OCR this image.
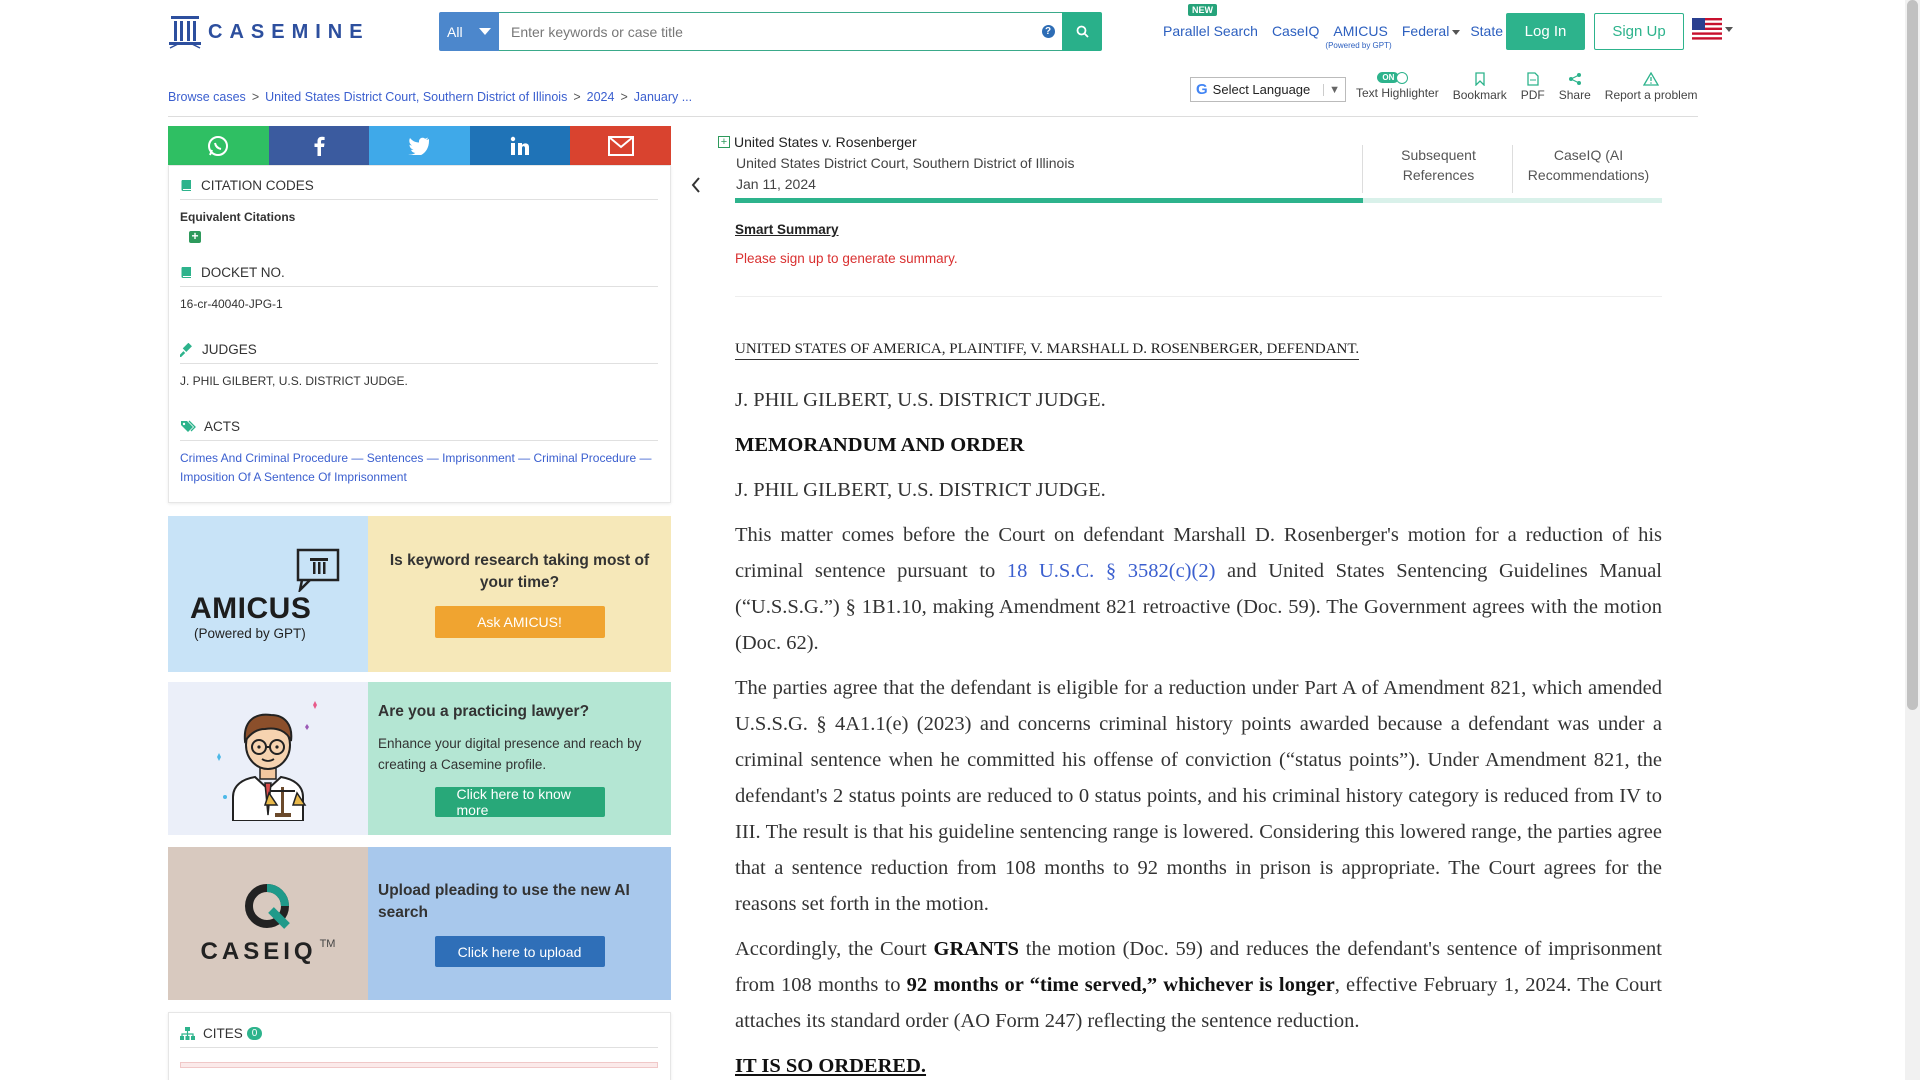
CASEMINE	All
Enter keywords or case title	?
NEW
Parallel Search CaseIQ AMICUS
(Powered by GPT)
Federal	State	Log In	Sign Up
Browse cases > United States District Court, Southern District of Illinois > 2024 > January ...	G Select Language	▼
ON
Text Highlighter Bookmark PDF Share Report a problem
CITATION CODES
Equivalent Citations
+
DOCKET NO.
16-cr-40040-JPG-1
JUDGES
J. PHIL GILBERT, U.S. DISTRICT JUDGE.
ACTS
Crimes And Criminal Procedure — Sentences — Imprisonment — Criminal Procedure — Imposition Of A Sentence Of Imprisonment
AMICUS
(Powered by GPT)
Is keyword research taking most of your time?
Ask AMICUS!
Are you a practicing lawyer?
Enhance your digital presence and reach by creating a Casemine profile.
Click here to know more
CASEIQ TM
Upload pleading to use the new AI search
Click here to upload
CITES 0
+ United States v. Rosenberger
United States District Court, Southern District of Illinois
Jan 11, 2024
Subsequent References
CaseIQ (AI Recommendations)
Smart Summary
Please sign up to generate summary.
UNITED STATES OF AMERICA, PLAINTIFF, V. MARSHALL D. ROSENBERGER, DEFENDANT.
J. PHIL GILBERT, U.S. DISTRICT JUDGE.
MEMORANDUM AND ORDER
J. PHIL GILBERT, U.S. DISTRICT JUDGE.
This matter comes before the Court on defendant Marshall D. Rosenberger's motion for a reduction of his criminal sentence pursuant to 18 U.S.C. § 3582(c)(2) and United States Sentencing Guidelines Manual (“U.S.S.G.”) § 1B1.10, making Amendment 821 retroactive (Doc. 59). The Government agrees with the motion (Doc. 62).
The parties agree that the defendant is eligible for a reduction under Part A of Amendment 821, which amended U.S.S.G. § 4A1.1(e) (2023) and concerns criminal history points awarded because a defendant was under a criminal sentence when he committed his offense of conviction (“status points”). Under Amendment 821, the defendant's 2 status points are reduced to 0 status points, and his criminal history category is reduced from IV to III. The result is that his guideline sentencing range is lowered. Considering this lowered range, the parties agree that a sentence reduction from 108 months to 92 months in prison is appropriate. The Court agrees for the reasons set forth in the motion.
Accordingly, the Court GRANTS the motion (Doc. 59) and reduces the defendant's sentence of imprisonment from 108 months to 92 months or “time served,” whichever is longer, effective February 1, 2024. The Court attaches its standard order (AO Form 247) reflecting the sentence reduction.
IT IS SO ORDERED.
